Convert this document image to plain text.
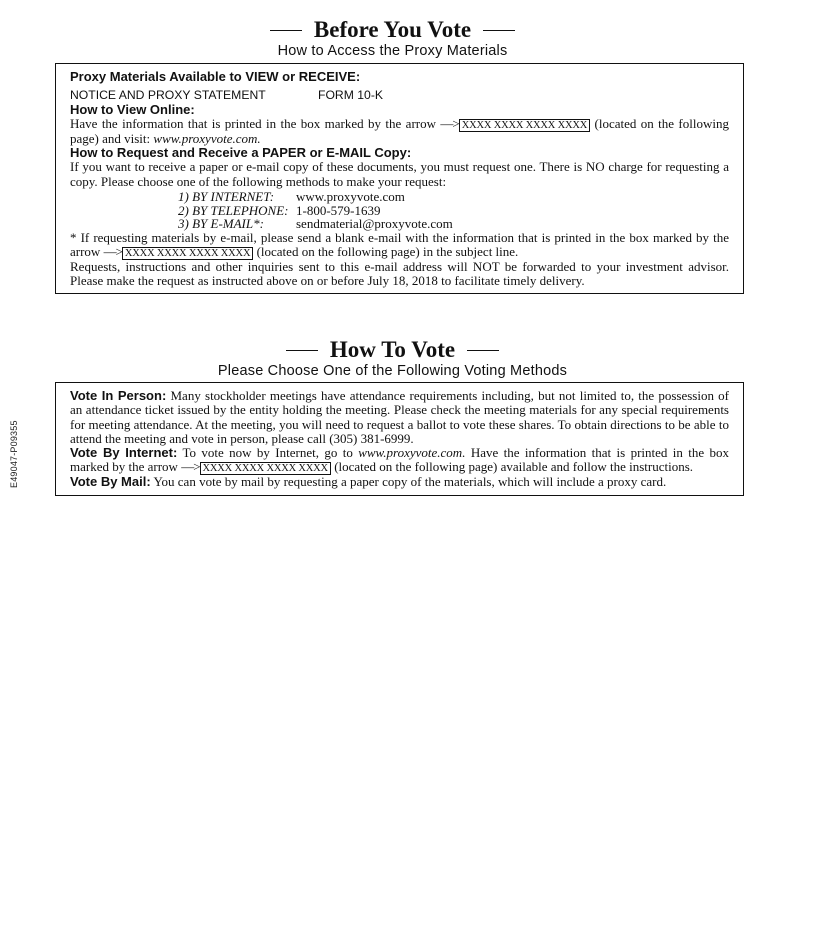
E49047-P09355
Before You Vote
How to Access the Proxy Materials

Proxy Materials Available to VIEW or RECEIVE:

NOTICE AND PROXY STATEMENT	FORM 10-K

How to View Online:

Have the information that is printed in the box marked by the arrow —> XXXX XXXX XXXX XXXX (located on the following page) and visit: www.proxyvote.com.

How to Request and Receive a PAPER or E-MAIL Copy:

If you want to receive a paper or e-mail copy of these documents, you must request one. There is NO charge for requesting a copy. Please choose one of the following methods to make your request:

1) BY INTERNET:	www.proxyvote.com
2) BY TELEPHONE: 1-800-579-1639
3) BY E-MAIL*:	sendmaterial@proxyvote.com

* If requesting materials by e-mail, please send a blank e-mail with the information that is printed in the box marked by the arrow —> XXXX XXXX XXXX XXXX (located on the following page) in the subject line.

Requests, instructions and other inquiries sent to this e-mail address will NOT be forwarded to your investment advisor. Please make the request as instructed above on or before July 18, 2018 to facilitate timely delivery.

How To Vote
Please Choose One of the Following Voting Methods

Vote In Person: Many stockholder meetings have attendance requirements including, but not limited to, the possession of an attendance ticket issued by the entity holding the meeting. Please check the meeting materials for any special requirements for meeting attendance. At the meeting, you will need to request a ballot to vote these shares. To obtain directions to be able to attend the meeting and vote in person, please call (305) 381-6999.

Vote By Internet: To vote now by Internet, go to www.proxyvote.com. Have the information that is printed in the box marked by the arrow —> XXXX XXXX XXXX XXXX (located on the following page) available and follow the instructions.

Vote By Mail: You can vote by mail by requesting a paper copy of the materials, which will include a proxy card.
